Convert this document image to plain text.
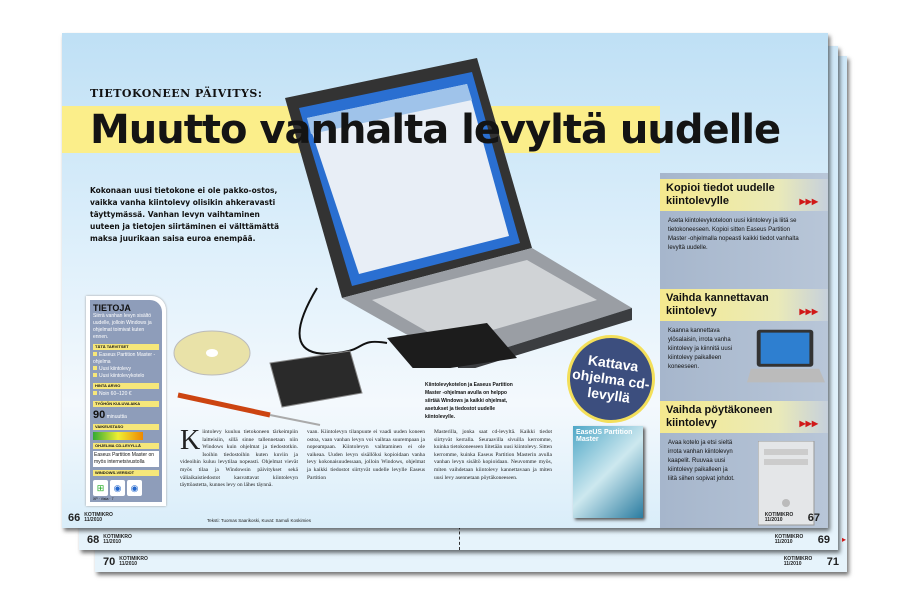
70 KOTIMIKRO 11/2010
KOTIMIKRO 11/2010 71
68 KOTIMIKRO 11/2010
KOTIMIKRO 11/2010 69 ▸
TIETOKONEEN PÄIVITYS:
Muutto vanhalta levyltä uudelle
Kokonaan uusi tietokone ei ole pakko-ostos, vaikka vanha kiintolevy olisikin ahkeravasti täyttymässä. Vanhan levyn vaihtaminen uuteen ja tietojen siirtäminen ei välttämättä maksa juurikaan saisa euroa enempää.
TIETOJA
Siirrä vanhan levyn sisältö uudelle, jolloin Windows ja ohjelmat toimivat kuten ennen.
TÄTÄ TARVITSET
Easeus Partition Master -ohjelma
Uusi kiintolevy
Uusi kiintolevykotelo
HINTA ARVIO
Noin 60–120 €
TYÖHÖN KULUVA AIKA
90 minuuttia
VAIKEUSTASO
OHJELMA CD-LEVYLLÄ
Easeus Partition Master on myös internetsivustolla
WINDOWS-VERSIOT
⊞ ◉ ◉
XP · Vista · 7
Kiintolevykotelon ja Easeus Partition Master -ohjelman avulla on helppo siirtää Windows ja kaikki ohjelmat, asetukset ja tiedostot uudelle kiintolevylle.
Kiintolevy kuuluu tietokoneen tärkeimpiin laitteisiin, sillä sinne tallennetaan niin Windows kuin ohjelmat ja tiedostotkin. Isoihin tiedostoihin kuten kuviin ja videoihin kuluu levytilaa nopeasti. Ohjelmat vievät myös tilaa ja Windowsin päivitykset sekä väliaikaistiedostot kasvattavat kiintolevyn täyttöastetta, kunnes levy on lähes täynnä.
vaan. Kiintolevyn tilanpuute ei vaadi uuden koneen ostoa, vaan vanhan levyn voi vaihtaa suurempaan ja nopeampaan. Kiintolevyn vaihtaminen ei ole vaikeaa. Uuden levyn sisällöksi kopioidaan vanha levy kokonaisuudessaan, jolloin Windows, ohjelmat ja kaikki tiedostot siirtyvät uudelle levylle Easeus Partition
Masterilla, jonka saat cd-levyltä. Kaikki tiedot siirtyvät kerralla. Seuraavilla sivuilla kerromme, kuinka tietokoneeseen liitetään uusi kiintolevy. Sitten kerromme, kuinka Easeus Partition Masterin avulla vanhan levyn sisältö kopioidaan. Neuvomme myös, miten vaihdetaan kiintolevy kannettavaan ja miten uusi levy asennetaan pöytäkoneeseen.
Teksti: Tuomas Saarikoski, Kuvat: Samuli Koskimies
EaseUS Partition Master
Kattava ohjelma cd-levyllä
Kopioi tiedot uudelle kiintolevylle	▶▶▶
Aseta kiintolevykoteloon uusi kiintolevy ja liitä se tietokoneeseen. Kopioi sitten Easeus Partition Master -ohjelmalla nopeasti kaikki tiedot vanhalta levyltä uudelle.
Vaihda kannettavan kiintolevy	▶▶▶
Kaanna kannettava ylösalaisin, irrota vanha kiintolevy ja kiinnitä uusi kiintolevy paikalleen koneeseen.
Vaihda pöytäkoneen kiintolevy	▶▶▶
Avaa kotelo ja etsi sieltä irrota vanhan kiintolevyn kaapelit. Ruuvaa uusi kiintolevy paikalleen ja liitä siihen sopivat johdot.
66 KOTIMIKRO 11/2010
KOTIMIKRO 11/2010 67
